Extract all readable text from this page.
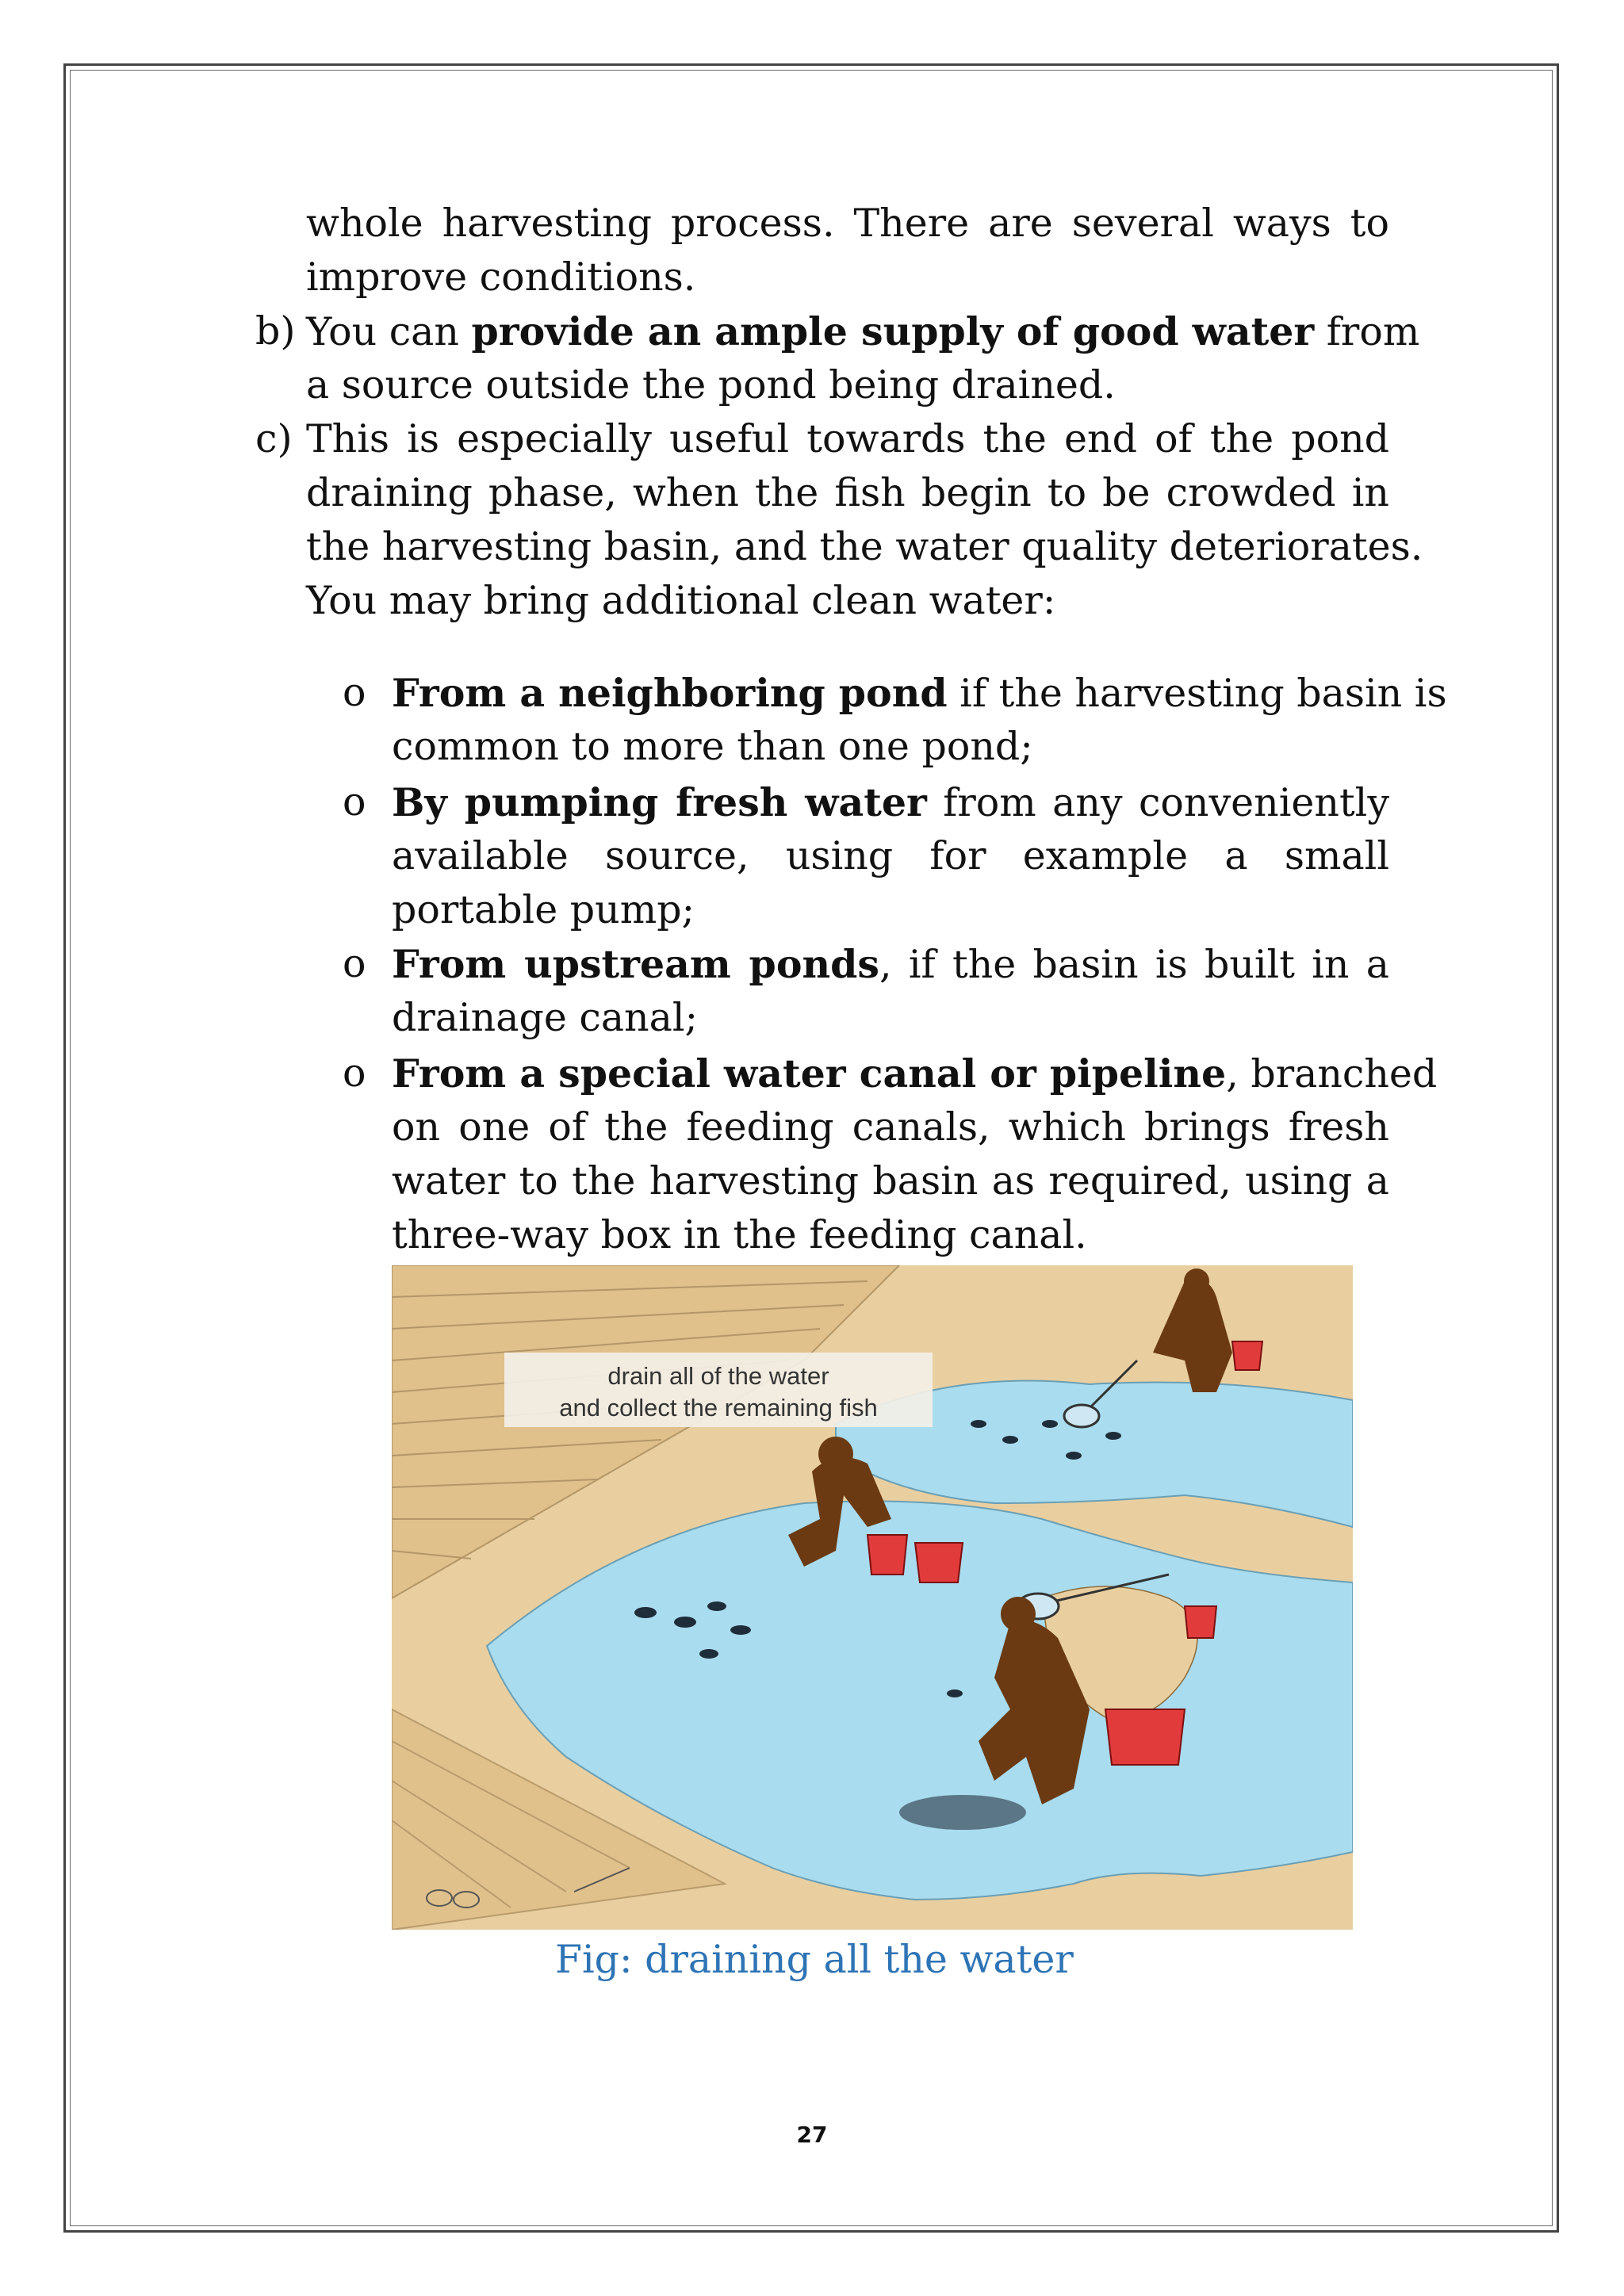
whole harvesting process. There are several ways to
improve conditions.
b) You can provide an ample supply of good water from
a source outside the pond being drained.
c) This is especially useful towards the end of the pond
draining phase, when the fish begin to be crowded in
the harvesting basin, and the water quality deteriorates.
You may bring additional clean water:
o From a neighboring pond if the harvesting basin is
common to more than one pond;
o By pumping fresh water from any conveniently
available source, using for example a small
portable pump;
o From upstream ponds, if the basin is built in a
drainage canal;
o From a special water canal or pipeline, branched
on one of the feeding canals, which brings fresh
water to the harvesting basin as required, using a
three-way box in the feeding canal.
drain all of the water
and collect the remaining fish
Fig: draining all the water
27
